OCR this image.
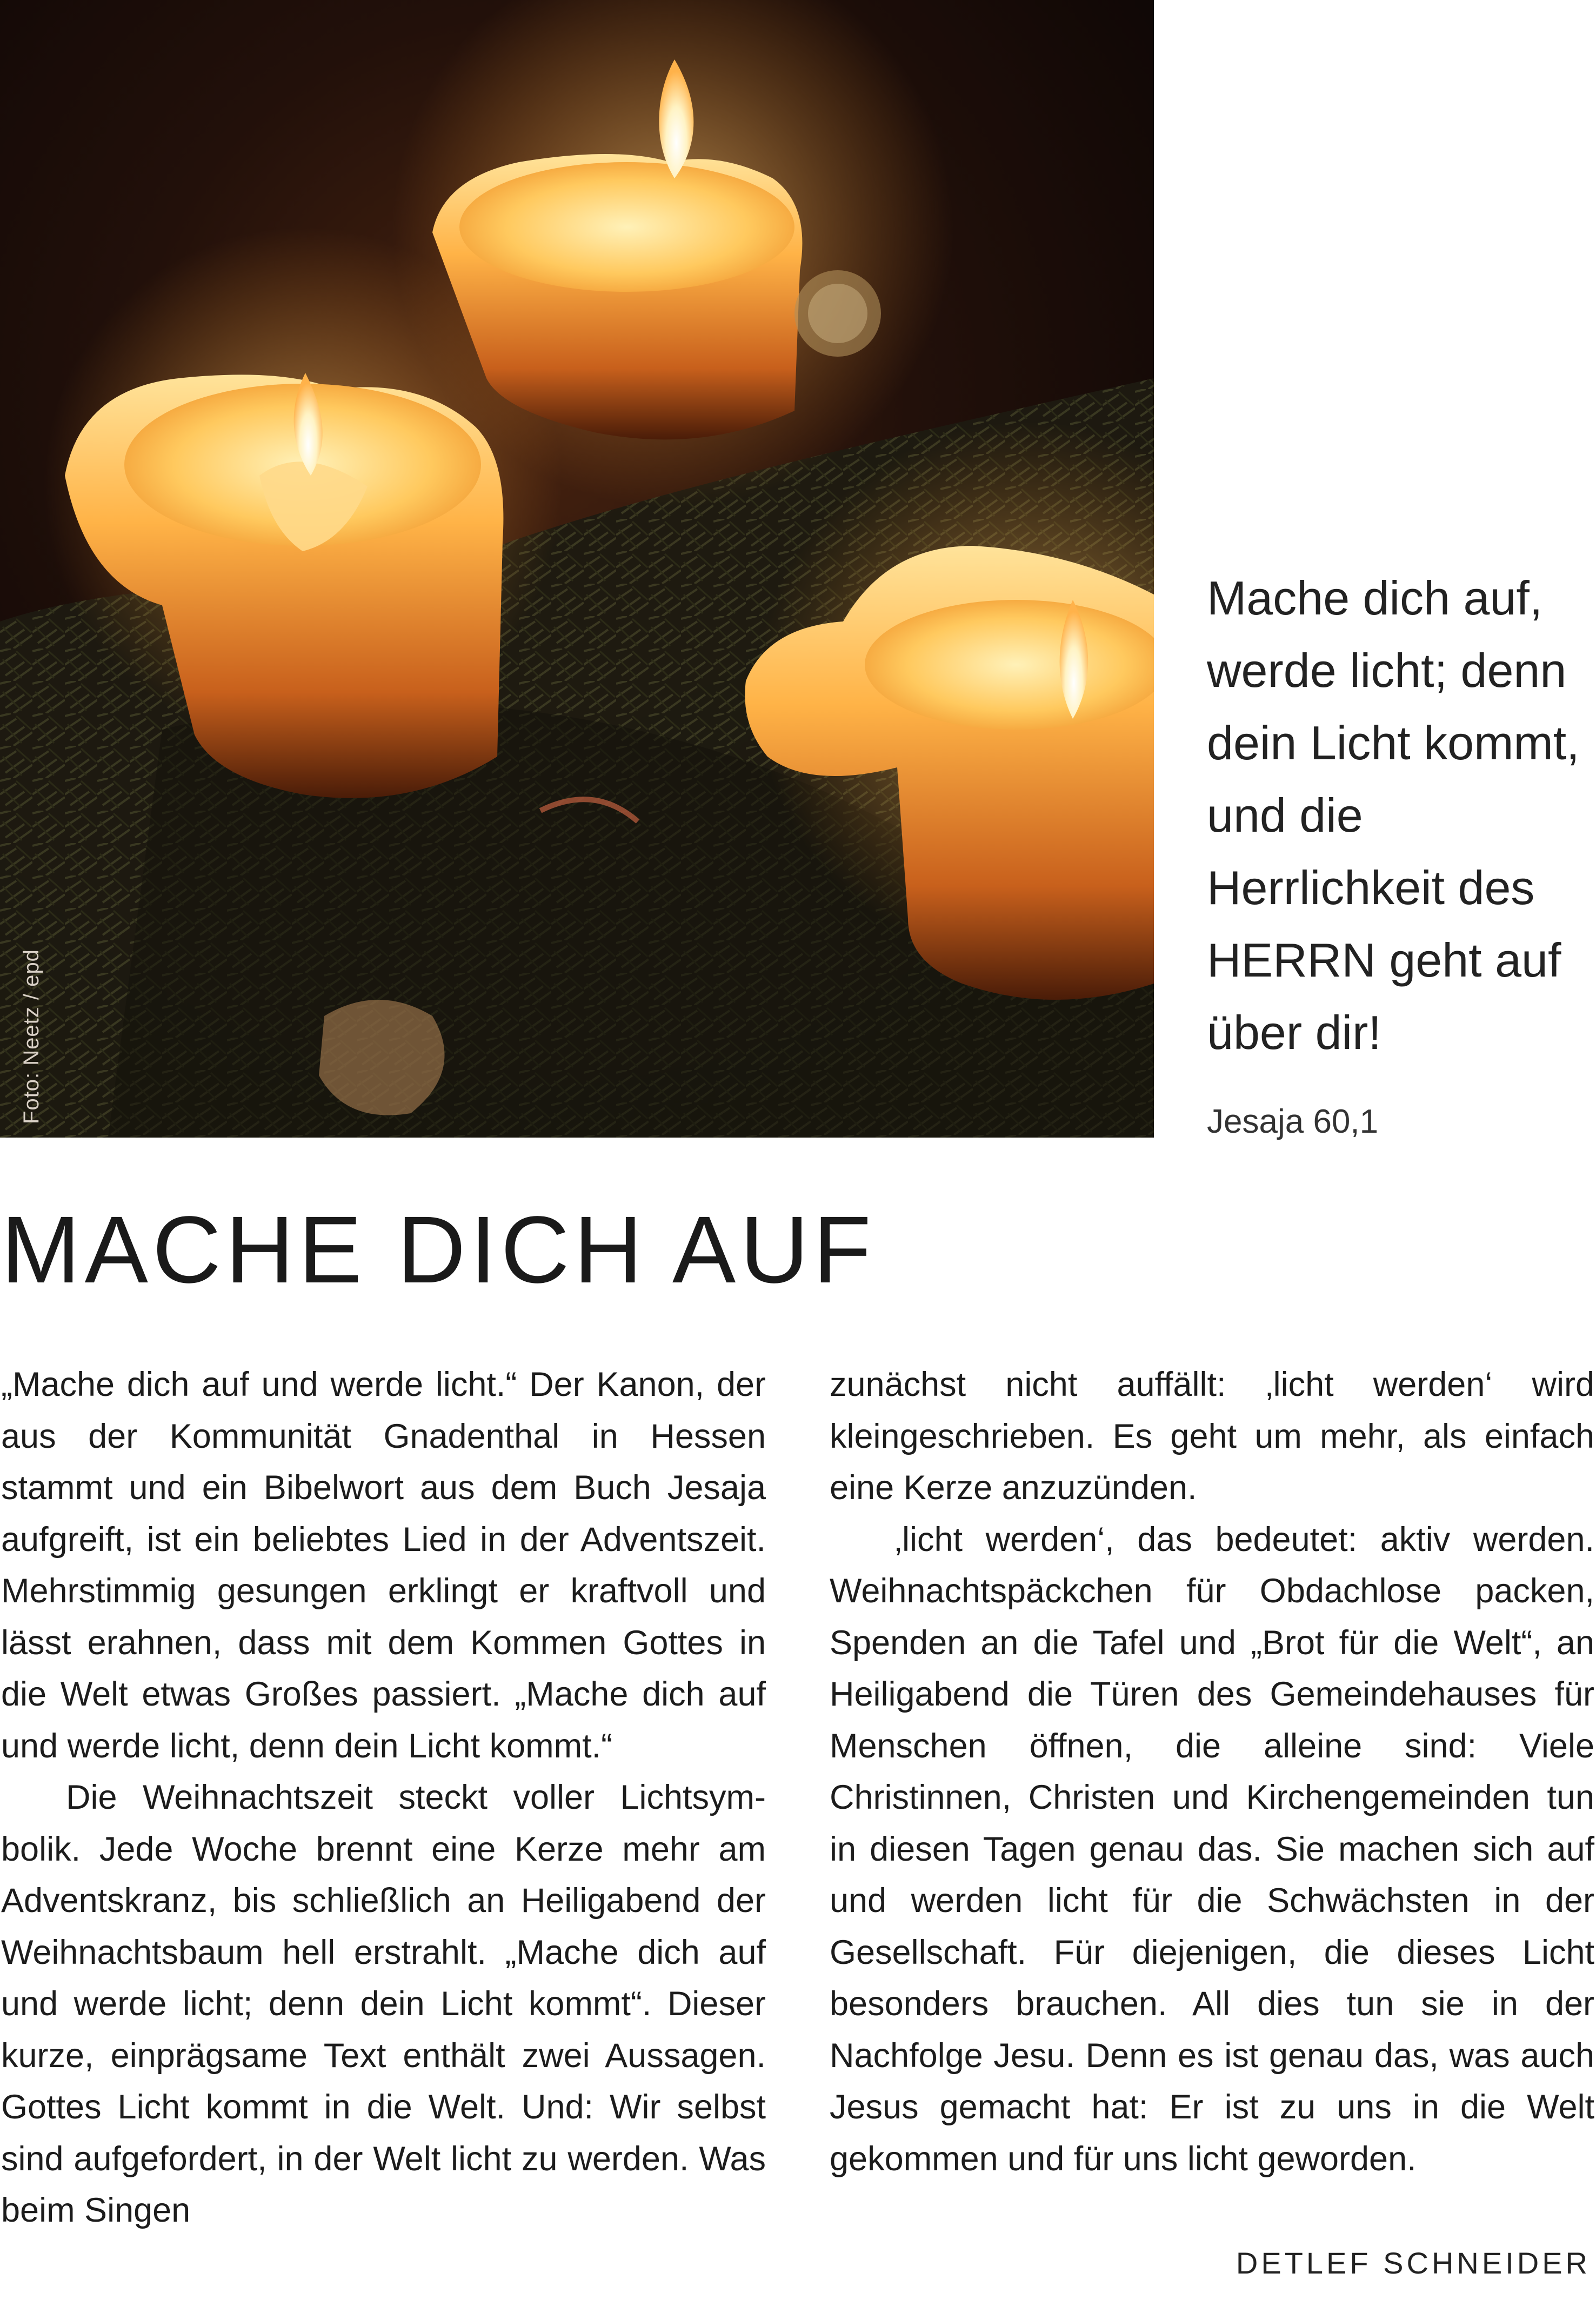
Foto: Neetz / epd
Mache dich auf, werde licht; denn dein Licht kommt, und die Herrlichkeit des HERRN geht auf über dir!
Jesaja 60,1
MACHE DICH AUF

„Mache dich auf und werde licht.“ Der Kanon, der aus der Kommunität Gnadenthal in Hessen stammt und ein Bibelwort aus dem Buch Jesaja aufgreift, ist ein beliebtes Lied in der Adventszeit. Mehrstimmig gesungen erklingt er kraftvoll und lässt erahnen, dass mit dem Kommen Gottes in die Welt etwas Großes passiert. „Mache dich auf und werde licht, denn dein Licht kommt.“

Die Weihnachtszeit steckt voller Lichtsymbolik. Jede Woche brennt eine Kerze mehr am Adventskranz, bis schließlich an Heiligabend der Weihnachtsbaum hell erstrahlt. „Mache dich auf und werde licht; denn dein Licht kommt“. Dieser kurze, einprägsame Text enthält zwei Aussagen. Gottes Licht kommt in die Welt. Und: Wir selbst sind aufgefordert, in der Welt licht zu werden. Was beim Singen

zunächst nicht auffällt: ‚licht werden‘ wird kleingeschrieben. Es geht um mehr, als einfach eine Kerze anzuzünden.

‚licht werden‘, das bedeutet: aktiv werden. Weihnachtspäckchen für Obdachlose packen, Spenden an die Tafel und „Brot für die Welt“, an Heiligabend die Türen des Gemeindehauses für Menschen öffnen, die alleine sind: Viele Christinnen, Christen und Kirchengemeinden tun in diesen Tagen genau das. Sie machen sich auf und werden licht für die Schwächsten in der Gesellschaft. Für diejenigen, die dieses Licht besonders brauchen. All dies tun sie in der Nachfolge Jesu. Denn es ist genau das, was auch Jesus gemacht hat: Er ist zu uns in die Welt gekommen und für uns licht geworden.

DETLEF SCHNEIDER
